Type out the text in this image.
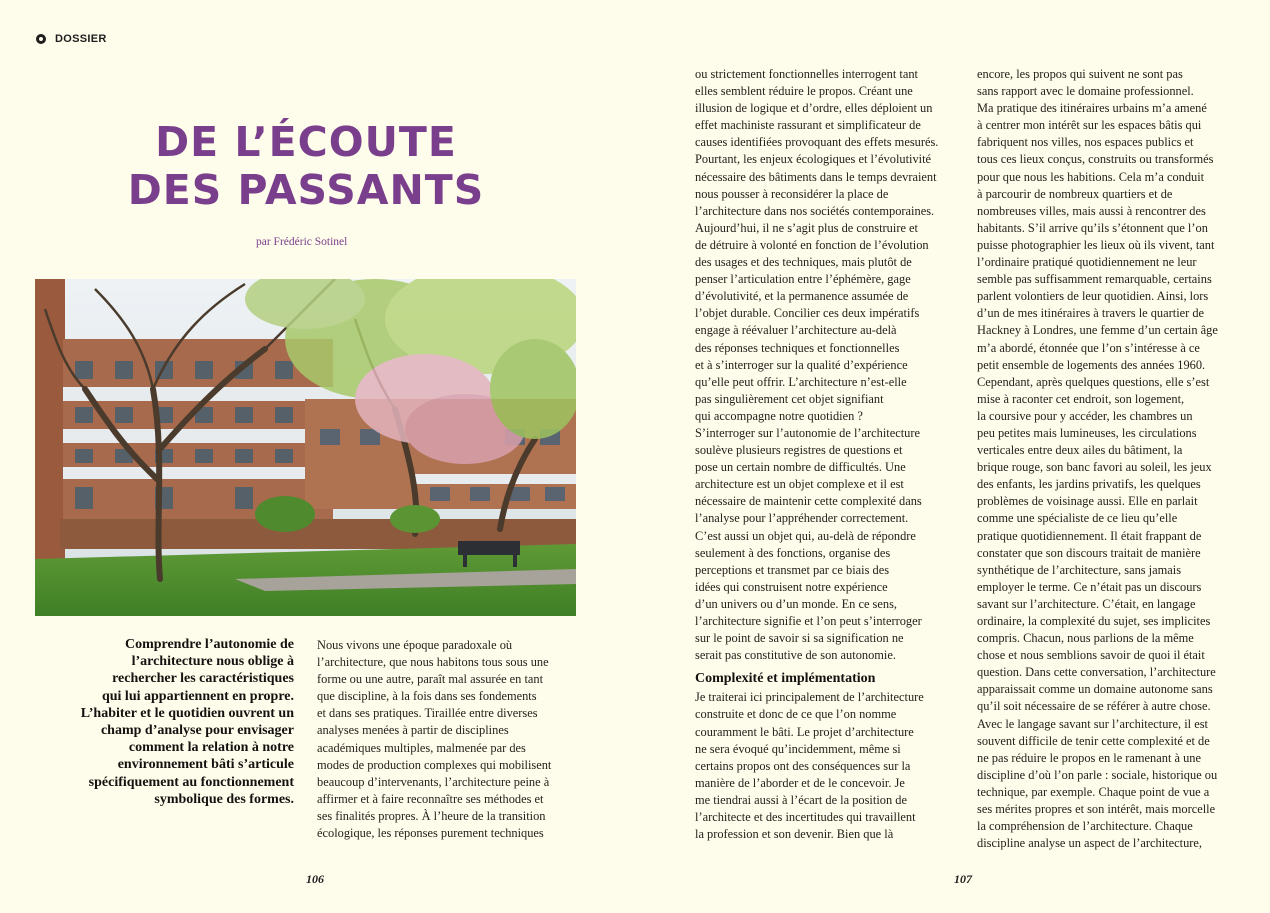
DOSSIER
DE L’ÉCOUTE
DES PASSANTS
par Frédéric Sotinel
Comprendre l’autonomie de
l’architecture nous oblige à
rechercher les caractéristiques
qui lui appartiennent en propre.
L’habiter et le quotidien ouvrent un
champ d’analyse pour envisager
comment la relation à notre
environnement bâti s’articule
spécifiquement au fonctionnement
symbolique des formes.
Nous vivons une époque paradoxale où
l’architecture, que nous habitons tous sous une
forme ou une autre, paraît mal assurée en tant
que discipline, à la fois dans ses fondements
et dans ses pratiques. Tiraillée entre diverses
analyses menées à partir de disciplines
académiques multiples, malmenée par des
modes de production complexes qui mobilisent
beaucoup d’intervenants, l’architecture peine à
affirmer et à faire reconnaître ses méthodes et
ses finalités propres. À l’heure de la transition
écologique, les réponses purement techniques
ou strictement fonctionnelles interrogent tant
elles semblent réduire le propos. Créant une
illusion de logique et d’ordre, elles déploient un
effet machiniste rassurant et simplificateur de
causes identifiées provoquant des effets mesurés.
Pourtant, les enjeux écologiques et l’évolutivité
nécessaire des bâtiments dans le temps devraient
nous pousser à reconsidérer la place de
l’architecture dans nos sociétés contemporaines.
Aujourd’hui, il ne s’agit plus de construire et
de détruire à volonté en fonction de l’évolution
des usages et des techniques, mais plutôt de
penser l’articulation entre l’éphémère, gage
d’évolutivité, et la permanence assumée de
l’objet durable. Concilier ces deux impératifs
engage à réévaluer l’architecture au-delà
des réponses techniques et fonctionnelles
et à s’interroger sur la qualité d’expérience
qu’elle peut offrir. L’architecture n’est-elle
pas singulièrement cet objet signifiant
qui accompagne notre quotidien ?
S’interroger sur l’autonomie de l’architecture
soulève plusieurs registres de questions et
pose un certain nombre de difficultés. Une
architecture est un objet complexe et il est
nécessaire de maintenir cette complexité dans
l’analyse pour l’appréhender correctement.
C’est aussi un objet qui, au-delà de répondre
seulement à des fonctions, organise des
perceptions et transmet par ce biais des
idées qui construisent notre expérience
d’un univers ou d’un monde. En ce sens,
l’architecture signifie et l’on peut s’interroger
sur le point de savoir si sa signification ne
serait pas constitutive de son autonomie.
Complexité et implémentation
Je traiterai ici principalement de l’architecture
construite et donc de ce que l’on nomme
couramment le bâti. Le projet d’architecture
ne sera évoqué qu’incidemment, même si
certains propos ont des conséquences sur la
manière de l’aborder et de le concevoir. Je
me tiendrai aussi à l’écart de la position de
l’architecte et des incertitudes qui travaillent
la profession et son devenir. Bien que là
encore, les propos qui suivent ne sont pas
sans rapport avec le domaine professionnel.
Ma pratique des itinéraires urbains m’a amené
à centrer mon intérêt sur les espaces bâtis qui
fabriquent nos villes, nos espaces publics et
tous ces lieux conçus, construits ou transformés
pour que nous les habitions. Cela m’a conduit
à parcourir de nombreux quartiers et de
nombreuses villes, mais aussi à rencontrer des
habitants. S’il arrive qu’ils s’étonnent que l’on
puisse photographier les lieux où ils vivent, tant
l’ordinaire pratiqué quotidiennement ne leur
semble pas suffisamment remarquable, certains
parlent volontiers de leur quotidien. Ainsi, lors
d’un de mes itinéraires à travers le quartier de
Hackney à Londres, une femme d’un certain âge
m’a abordé, étonnée que l’on s’intéresse à ce
petit ensemble de logements des années 1960.
Cependant, après quelques questions, elle s’est
mise à raconter cet endroit, son logement,
la coursive pour y accéder, les chambres un
peu petites mais lumineuses, les circulations
verticales entre deux ailes du bâtiment, la
brique rouge, son banc favori au soleil, les jeux
des enfants, les jardins privatifs, les quelques
problèmes de voisinage aussi. Elle en parlait
comme une spécialiste de ce lieu qu’elle
pratique quotidiennement. Il était frappant de
constater que son discours traitait de manière
synthétique de l’architecture, sans jamais
employer le terme. Ce n’était pas un discours
savant sur l’architecture. C’était, en langage
ordinaire, la complexité du sujet, ses implicites
compris. Chacun, nous parlions de la même
chose et nous semblions savoir de quoi il était
question. Dans cette conversation, l’architecture
apparaissait comme un domaine autonome sans
qu’il soit nécessaire de se référer à autre chose.
Avec le langage savant sur l’architecture, il est
souvent difficile de tenir cette complexité et de
ne pas réduire le propos en le ramenant à une
discipline d’où l’on parle : sociale, historique ou
technique, par exemple. Chaque point de vue a
ses mérites propres et son intérêt, mais morcelle
la compréhension de l’architecture. Chaque
discipline analyse un aspect de l’architecture,
106	107
